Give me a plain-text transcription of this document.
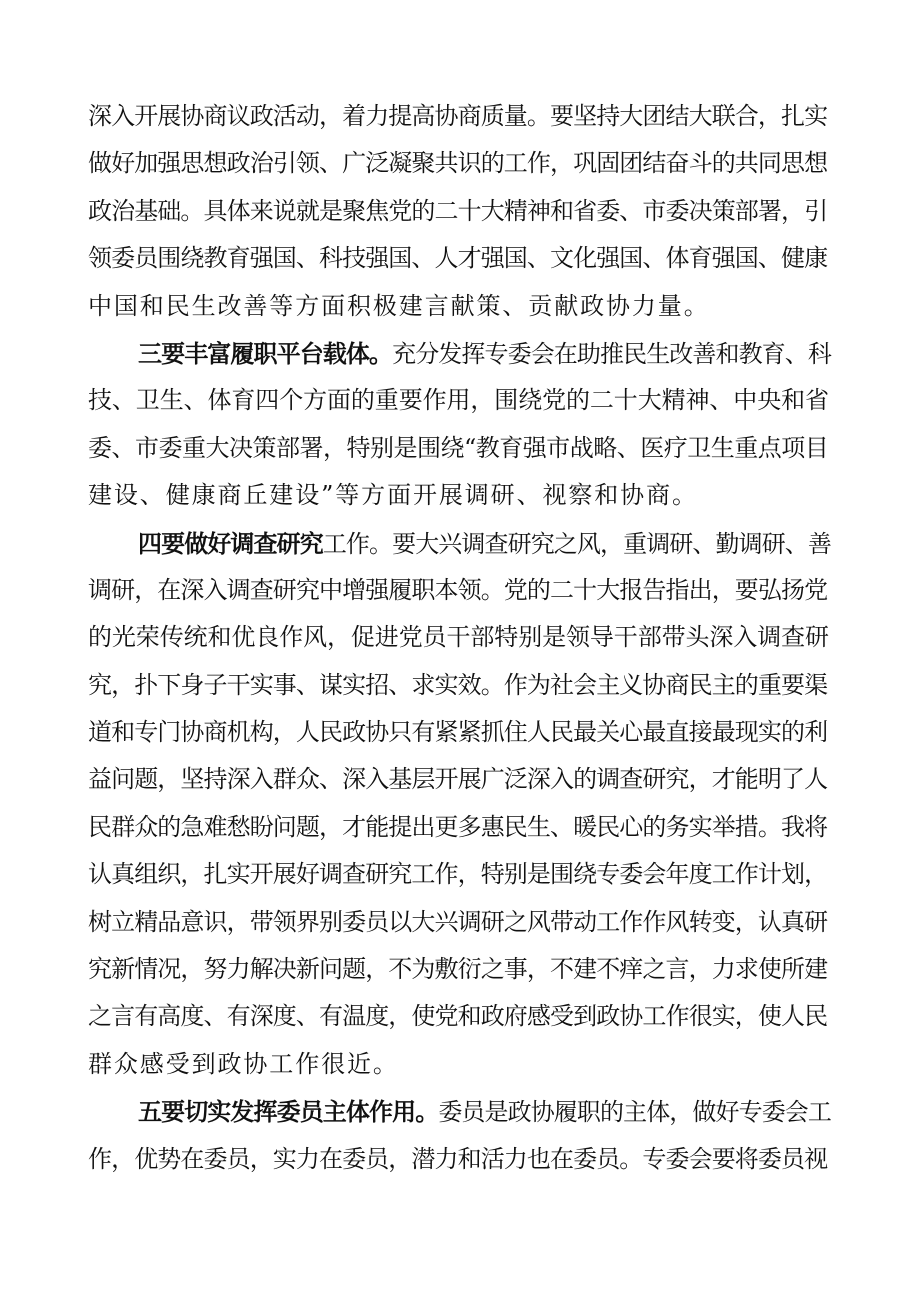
深入开展协商议政活动，着力提高协商质量。要坚持大团结大联合，扎实
做好加强思想政治引领、广泛凝聚共识的工作，巩固团结奋斗的共同思想
政治基础。具体来说就是聚焦党的二十大精神和省委、市委决策部署，引
领委员围绕教育强国、科技强国、人才强国、文化强国、体育强国、健康
中国和民生改善等方面积极建言献策、贡献政协力量。
三要丰富履职平台载体。充分发挥专委会在助推民生改善和教育、科
技、卫生、体育四个方面的重要作用，围绕党的二十大精神、中央和省
委、市委重大决策部署，特别是围绕“教育强市战略、医疗卫生重点项目
建设、健康商丘建设”等方面开展调研、视察和协商。
四要做好调查研究工作。要大兴调查研究之风，重调研、勤调研、善
调研，在深入调查研究中增强履职本领。党的二十大报告指出，要弘扬党
的光荣传统和优良作风，促进党员干部特别是领导干部带头深入调查研
究，扑下身子干实事、谋实招、求实效。作为社会主义协商民主的重要渠
道和专门协商机构，人民政协只有紧紧抓住人民最关心最直接最现实的利
益问题，坚持深入群众、深入基层开展广泛深入的调查研究，才能明了人
民群众的急难愁盼问题，才能提出更多惠民生、暖民心的务实举措。我将
认真组织，扎实开展好调查研究工作，特别是围绕专委会年度工作计划，
树立精品意识，带领界别委员以大兴调研之风带动工作作风转变，认真研
究新情况，努力解决新问题，不为敷衍之事，不建不痒之言，力求使所建
之言有高度、有深度、有温度，使党和政府感受到政协工作很实，使人民
群众感受到政协工作很近。
五要切实发挥委员主体作用。委员是政协履职的主体，做好专委会工
作，优势在委员，实力在委员，潜力和活力也在委员。专委会要将委员视
